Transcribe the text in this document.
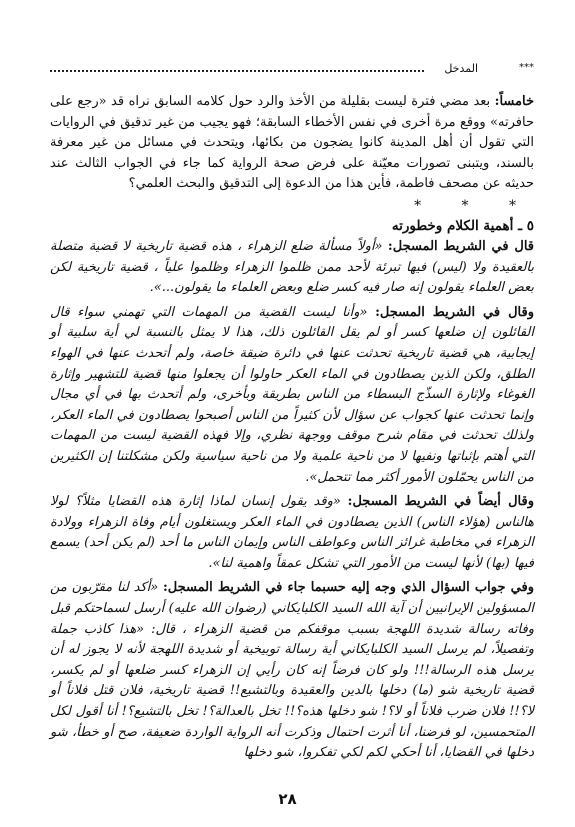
***
المدخل

خامساً: بعد مضي فترة ليست بقليلة من الأخذ والرد حول كلامه السابق نراه قد «رجع على حافرته» ووقع مرة أخرى في نفس الأخطاء السابقة؛ فهو يجيب من غير تدقيق في الروايات التي تقول أن أهل المدينة كانوا يضجون من بكائها، ويتحدث في مسائل من غير معرفة بالسند، ويتبنى تصورات معيّنة على فرض صحة الرواية كما جاء في الجواب الثالث عند حديثه عن مصحف فاطمة، فأين هذا من الدعوة إلى التدقيق والبحث العلمي؟

* * *
٥ ـ أهمية الكلام وخطورته

قال في الشريط المسجل: «أولاً مسألة ضلع الزهراء ، هذه قضية تاريخية لا قضية متصلة بالعقيدة ولا (ليس) فيها تبرئة لأحد ممن ظلموا الزهراء وظلموا علياً ، قضية تاريخية لكن بعض العلماء يقولون إنه صار فيه كسر ضلع وبعض العلماء ما يقولون...».

وقال في الشريط المسجل: «وأنا ليست القضية من المهمات التي تهمني سواء قال القائلون إن ضلعها كسر أو لم يقل القائلون ذلك، هذا لا يمثل بالنسبة لي أية سلبية أو إيجابية، هي قضية تاريخية تحدثت عنها في دائرة ضيقة خاصة، ولم أتحدث عنها في الهواء الطلق، ولكن الذين يصطادون في الماء العكر حاولوا أن يجعلوا منها قضية للتشهير وإثارة الغوغاء ولإثارة السذّج البسطاء من الناس بطريقة وبأخرى، ولم أتحدث بها في أي مجال وإنما تحدثت عنها كجواب عن سؤال لأن كثيراً من الناس أصبحوا يصطادون في الماء العكر، ولذلك تحدثت في مقام شرح موقف ووجهة نظري، وإلا فهذه القضية ليست من المهمات التي أهتم بإثباتها ونفيها لا من ناحية علمية ولا من ناحية سياسية ولكن مشكلتنا إن الكثيرين من الناس يحمّلون الأمور أكثر مما تتحمل».

وقال أيضاً في الشريط المسجل: «وقد يقول إنسان لماذا إثارة هذه القضايا مثلاً؟ لولا هالناس (هؤلاء الناس) الذين يصطادون في الماء العكر ويستغلون أيام وفاة الزهراء وولادة الزهراء في مخاطبة غرائز الناس وعواطف الناس وإيمان الناس ما أحد (لم يكن أحد) يسمع فيها (بها) لأنها ليست من الأمور التي تشكل عمقاً واهمية لنا».

وفي جواب السؤال الذي وجه إليه حسبما جاء في الشريط المسجل: «أكد لنا مقرّبون من المسؤولين الإيرانيين أن آية الله السيد الكلبايكاني (رضوان الله عليه) أرسل لسماحتكم قبل وفاته رسالة شديدة اللهجة بسبب موقفكم من قضية الزهراء ، قال: «هذا كاذب جملة وتفصيلاً، لم يرسل السيد الكلبايكاني أية رسالة توبيخية أو شديدة اللهجة لأنه لا يجوز له أن يرسل هذه الرسالة!!! ولو كان فرضاً إنه كان رأيي إن الزهراء كسر ضلعها أو لم يكسر، قضية تاريخية شو (ما) دخلها بالدين والعقيدة وبالتشيع!! قضية تاريخية، فلان قتل فلاناً أو لا؟!! فلان ضرب فلاناً أو لا؟! شو دخلها هذه؟!! تخل بالعدالة؟! تخل بالتشيع؟! أنا أقول لكل المتحمسين، لو فرضنا، أنا أثرت احتمال وذكرت أنه الرواية الواردة ضعيفة، صح أو خطأ، شو دخلها في القضايا، أنا أحكي لكم لكي تفكروا، شو دخلها

٢٨
